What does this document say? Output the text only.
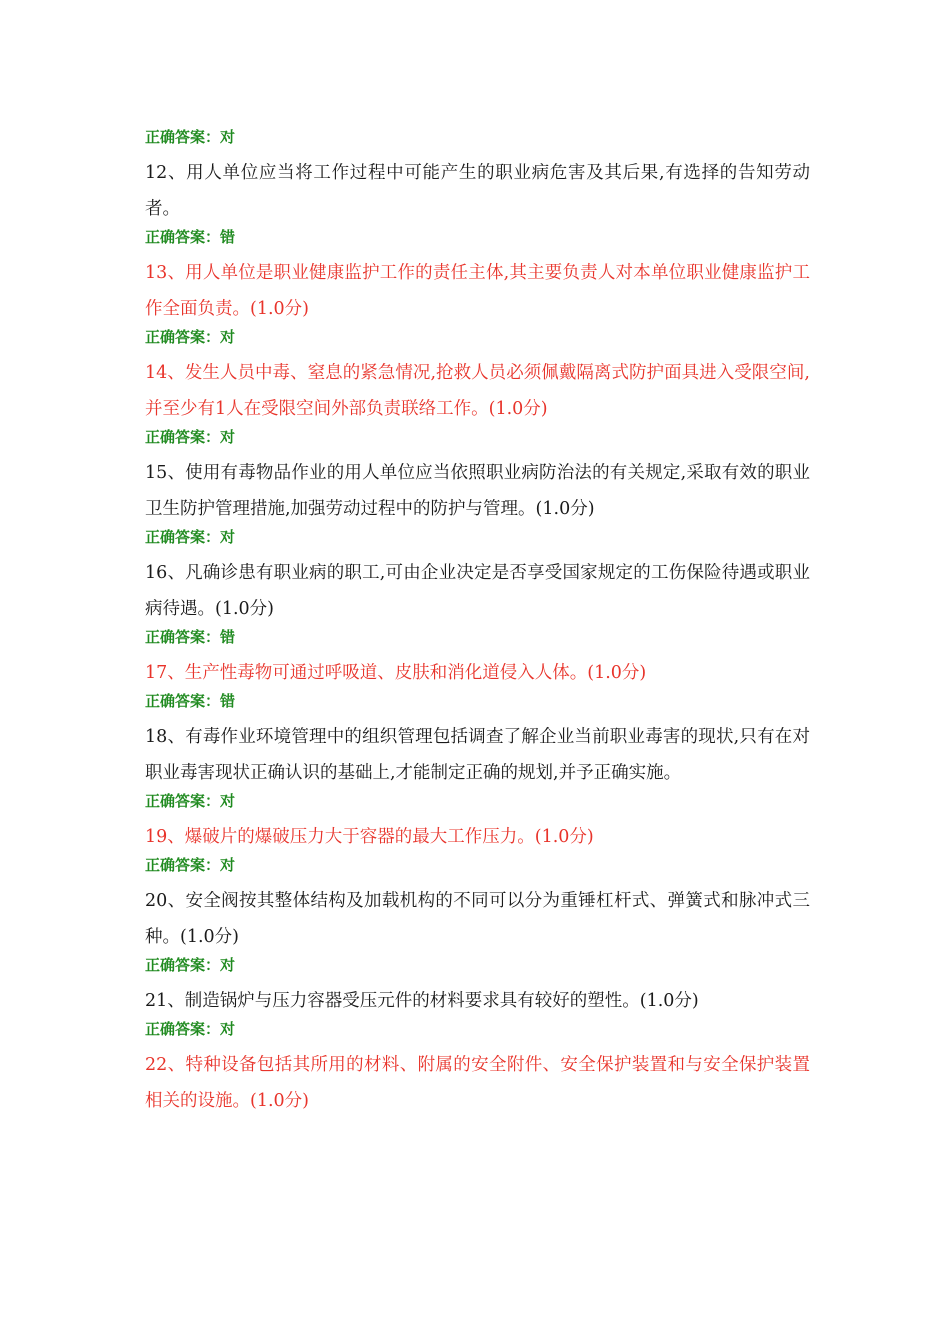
正确答案：对
12、用人单位应当将工作过程中可能产生的职业病危害及其后果,有选择的告知劳动者。
正确答案：错
13、用人单位是职业健康监护工作的责任主体,其主要负责人对本单位职业健康监护工作全面负责。(1.0分)
正确答案：对
14、发生人员中毒、窒息的紧急情况,抢救人员必须佩戴隔离式防护面具进入受限空间,并至少有1人在受限空间外部负责联络工作。(1.0分)
正确答案：对
15、使用有毒物品作业的用人单位应当依照职业病防治法的有关规定,采取有效的职业卫生防护管理措施,加强劳动过程中的防护与管理。(1.0分)
正确答案：对
16、凡确诊患有职业病的职工,可由企业决定是否享受国家规定的工伤保险待遇或职业病待遇。(1.0分)
正确答案：错
17、生产性毒物可通过呼吸道、皮肤和消化道侵入人体。(1.0分)
正确答案：错
18、有毒作业环境管理中的组织管理包括调查了解企业当前职业毒害的现状,只有在对职业毒害现状正确认识的基础上,才能制定正确的规划,并予正确实施。
正确答案：对
19、爆破片的爆破压力大于容器的最大工作压力。(1.0分)
正确答案：对
20、安全阀按其整体结构及加载机构的不同可以分为重锤杠杆式、弹簧式和脉冲式三种。(1.0分)
正确答案：对
21、制造锅炉与压力容器受压元件的材料要求具有较好的塑性。(1.0分)
正确答案：对
22、特种设备包括其所用的材料、附属的安全附件、安全保护装置和与安全保护装置相关的设施。(1.0分)
